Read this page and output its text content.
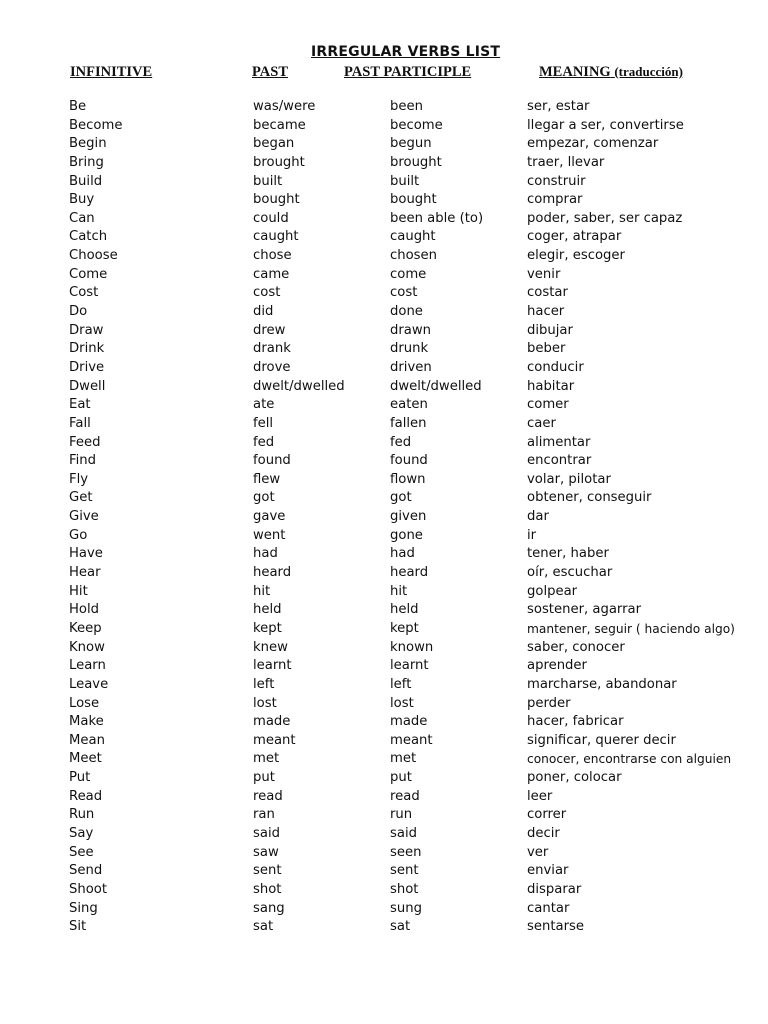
IRREGULAR VERBS LIST
INFINITIVE	PAST	PAST PARTICIPLE	MEANING (traducción)
Be	was/were	been	ser, estar
Become	became	become	llegar a ser, convertirse
Begin	began	begun	empezar, comenzar
Bring	brought	brought	traer, llevar
Build	built	built	construir
Buy	bought	bought	comprar
Can	could	been able (to)	poder, saber, ser capaz
Catch	caught	caught	coger, atrapar
Choose	chose	chosen	elegir, escoger
Come	came	come	venir
Cost	cost	cost	costar
Do	did	done	hacer
Draw	drew	drawn	dibujar
Drink	drank	drunk	beber
Drive	drove	driven	conducir
Dwell	dwelt/dwelled	dwelt/dwelled	habitar
Eat	ate	eaten	comer
Fall	fell	fallen	caer
Feed	fed	fed	alimentar
Find	found	found	encontrar
Fly	flew	flown	volar, pilotar
Get	got	got	obtener, conseguir
Give	gave	given	dar
Go	went	gone	ir
Have	had	had	tener, haber
Hear	heard	heard	oír, escuchar
Hit	hit	hit	golpear
Hold	held	held	sostener, agarrar
Keep	kept	kept	mantener, seguir ( haciendo algo)
Know	knew	known	saber, conocer
Learn	learnt	learnt	aprender
Leave	left	left	marcharse, abandonar
Lose	lost	lost	perder
Make	made	made	hacer, fabricar
Mean	meant	meant	significar, querer decir
Meet	met	met	conocer, encontrarse con alguien
Put	put	put	poner, colocar
Read	read	read	leer
Run	ran	run	correr
Say	said	said	decir
See	saw	seen	ver
Send	sent	sent	enviar
Shoot	shot	shot	disparar
Sing	sang	sung	cantar
Sit	sat	sat	sentarse
